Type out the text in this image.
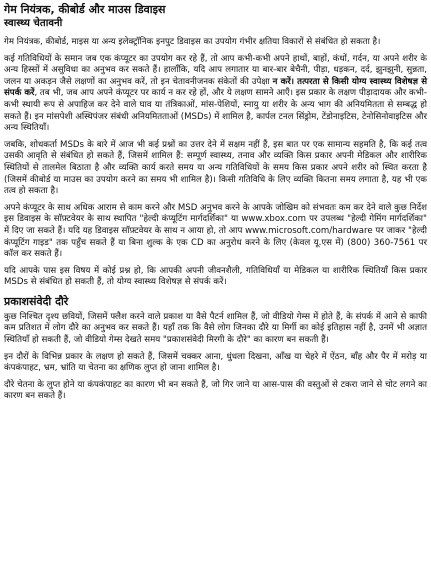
गेम नियंत्रक, कीबोर्ड और माउस डिवाइस
स्वास्थ्य चेतावनी

गेम नियंत्रक, कीबोर्ड, माइस या अन्य इलेक्ट्रॉनिक इनपुट डिवाइस का उपयोग गंभीर क्षतिया विकारों से संबंधित हो सकता है।

कई गतिविधियों के समान जब एक कंप्यूटर का उपयोग कर रहे हैं, तो आप कभी-कभी अपने हाथों, बाहों, कंधों, गर्दन, या अपने शरीर के अन्य हिस्सों में असुविधा का अनुभव कर सकते हैं। हालाँकि, यदि आप लगातार या बार-बार बेचैनी, पीड़ा, धड़कन, दर्द, झुनझुनी, सुन्नता, जलन या अकड़न जैसे लक्षणों का अनुभव करें, तो इन चेतावनीजनक संकेतों की उपेक्षा न करें। तत्परता से किसी योग्य स्वास्थ्य विशेषज्ञ से संपर्क करें, तब भी, जब आप अपने कंप्यूटर पर कार्य न कर रहे हों, और ये लक्षण सामने आएँ। इस प्रकार के लक्षण पीड़ादायक और कभी-कभी स्थायी रूप से अपाहिज कर देने वाले घाव या तंत्रिकाओं, मांस-पेशियों, स्नायु या शरीर के अन्य भाग की अनियमितता से सम्बद्ध हो सकते हैं। इन मांसपेशी अस्थिपंजर संबंधी अनियमितताओं (MSDs) में शामिल है, कार्पल टनल सिंड्रोम, टेंडोनाइटिस, टेनोसिनोवाइटिस और अन्य स्थितियाँ।

जबकि, शोधकर्ता MSDs के बारे में आज भी कई प्रश्नों का उत्तर देने में सक्षम नहीं हैं, इस बात पर एक सामान्य सहमति है, कि कई तत्व उसकी आवृति से संबंधित हो सकते हैं, जिसमें शामिल हैं: सम्पूर्ण स्वास्थ्य, तनाव और व्यक्ति किस प्रकार अपनी मेडिकल और शारीरिक स्थितियों से तालमेल बिठाता है और व्यक्ति कार्य करते समय या अन्य गतिविधियों के समय किस प्रकार अपने शरीर को स्थित करता है (जिसमें कीबोर्ड या माउस का उपयोग करने का समय भी शामिल है)। किसी गतिविधि के लिए व्यक्ति कितना समय लगाता है, यह भी एक तत्व हो सकता है।

अपने कंप्यूटर के साथ अधिक आराम से काम करने और MSD अनुभव करने के आपके जोखिम को संभवतः कम कर देने वाले कुछ निर्देश इस डिवाइस के सॉफ़्टवेयर के साथ स्थापित "हेल्दी कंप्यूटिंग मार्गदर्शिका" या www.xbox.com पर उपलब्ध "हेल्दी गेमिंग मार्गदर्शिका" में दिए जा सकते हैं। यदि यह डिवाइस सॉफ़्टवेयर के साथ न आया हो, तो आप www.microsoft.com/hardware पर जाकर "हेल्दी कंप्यूटिंग गाइड" तक पहुँच सकते हैं या बिना शुल्क के एक CD का अनुरोध करने के लिए (केवल यू.एस में) (800) 360-7561 पर कॉल कर सकते हैं।

यदि आपके पास इस विषय में कोई प्रश्न हो, कि आपकी अपनी जीवनशैली, गतिविधियाँ या मेडिकल या शारीरिक स्थितियाँ किस प्रकार MSDs से संबंधित हो सकती हैं, तो योग्य स्वास्थ्य विशेषज्ञ से संपर्क करें।

प्रकाशसंवेदी दौरे

कुछ निश्चित दृश्य छवियों, जिसमें फ्लैश करने वाले प्रकाश या वैसे पैटर्न शामिल हैं, जो वीडियो गेम्स में होते हैं, के संपर्क में आने से काफी कम प्रतिशत में लोग दौरे का अनुभव कर सकते हैं। यहाँ तक कि वैसे लोग जिनका दौरे या मिर्गी का कोई इतिहास नहीं है, उनमें भी अज्ञात स्थितियाँ हो सकती हैं, जो वीडियो गेम्स देखते समय "प्रकाशसंवेदी मिरगी के दौरे" का कारण बन सकती हैं।

इन दौरों के विभिन्न प्रकार के लक्षण हो सकते हैं, जिसमें चक्कर आना, धुंधला दिखना, आँख या चेहरे में ऐंठन, बाँह और पैर में मरोड़ या कंपकंपाहट, भ्रम, भ्रांति या चेतना का क्षणिक लुप्त हो जाना शामिल है।

दौरे चेतना के लुप्त होने या कंपकंपाहट का कारण भी बन सकते हैं, जो गिर जाने या आस-पास की वस्तुओं से टकरा जाने से चोट लगने का कारण बन सकते हैं।
